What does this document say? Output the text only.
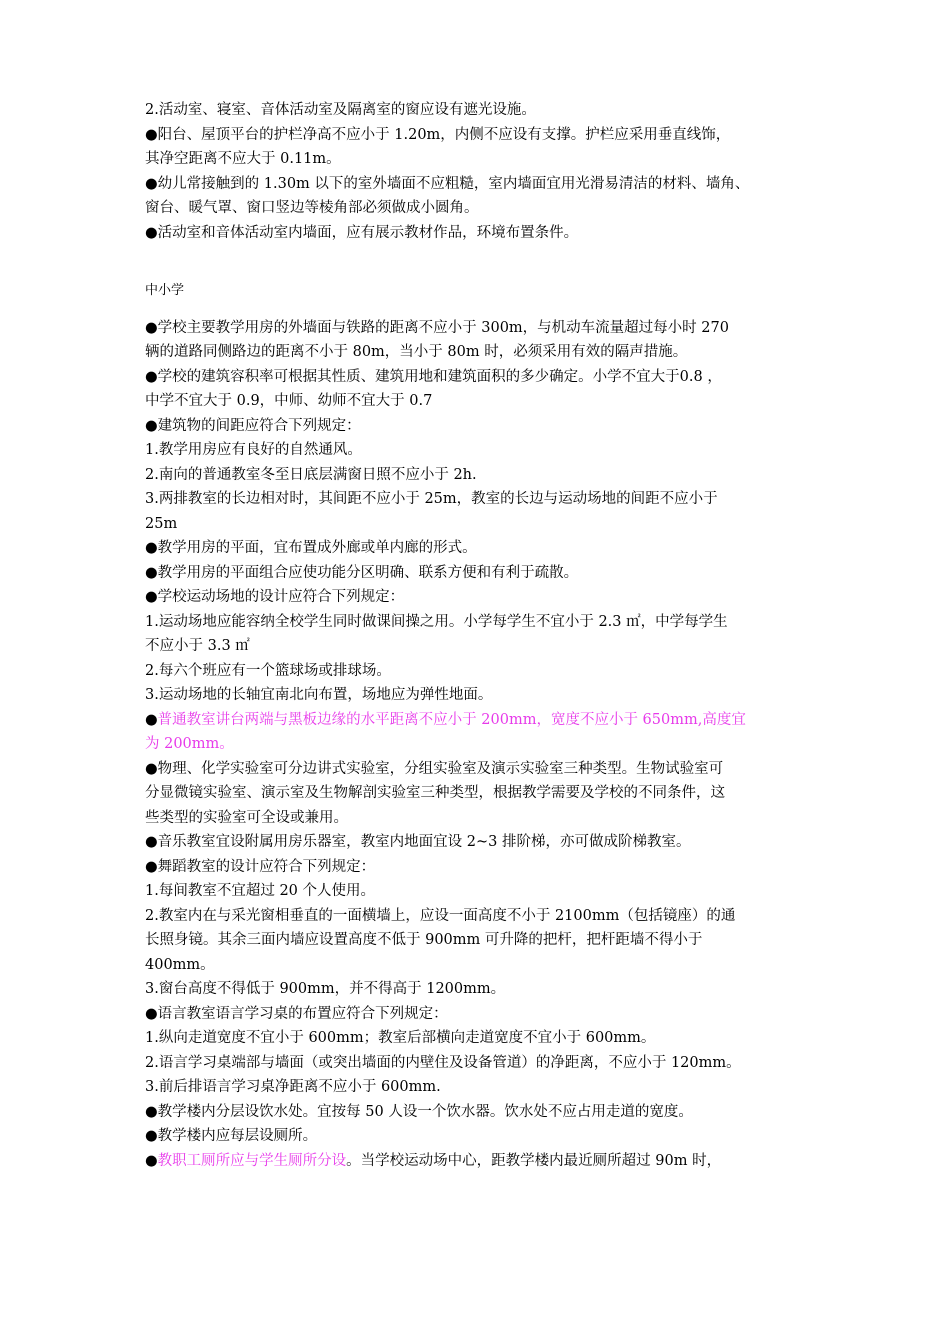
2.活动室、寝室、音体活动室及隔离室的窗应设有遮光设施。
●阳台、屋顶平台的护栏净高不应小于 1.20m，内侧不应设有支撑。护栏应采用垂直线饰，
其净空距离不应大于 0.11m。
●幼儿常接触到的 1.30m 以下的室外墙面不应粗糙，室内墙面宜用光滑易清洁的材料、墙角、
窗台、暖气罩、窗口竖边等棱角部必须做成小圆角。
●活动室和音体活动室内墙面，应有展示教材作品，环境布置条件。
中小学
●学校主要教学用房的外墙面与铁路的距离不应小于 300m，与机动车流量超过每小时 270
辆的道路同侧路边的距离不小于 80m，当小于 80m 时，必须采用有效的隔声措施。
●学校的建筑容积率可根据其性质、建筑用地和建筑面积的多少确定。小学不宜大于0.8 ，
中学不宜大于 0.9，中师、幼师不宜大于 0.7
●建筑物的间距应符合下列规定：
1.教学用房应有良好的自然通风。
2.南向的普通教室冬至日底层满窗日照不应小于 2h.
3.两排教室的长边相对时，其间距不应小于 25m，教室的长边与运动场地的间距不应小于
25m
●教学用房的平面，宜布置成外廊或单内廊的形式。
●教学用房的平面组合应使功能分区明确、联系方便和有利于疏散。
●学校运动场地的设计应符合下列规定：
1.运动场地应能容纳全校学生同时做课间操之用。小学每学生不宜小于 2.3 ㎡，中学每学生
不应小于 3.3 ㎡
2.每六个班应有一个篮球场或排球场。
3.运动场地的长轴宜南北向布置，场地应为弹性地面。
●普通教室讲台两端与黑板边缘的水平距离不应小于 200mm，宽度不应小于 650mm,高度宜
为 200mm。
●物理、化学实验室可分边讲式实验室，分组实验室及演示实验室三种类型。生物试验室可
分显微镜实验室、演示室及生物解剖实验室三种类型，根据教学需要及学校的不同条件，这
些类型的实验室可全设或兼用。
●音乐教室宜设附属用房乐器室，教室内地面宜设 2~3 排阶梯，亦可做成阶梯教室。
●舞蹈教室的设计应符合下列规定：
1.每间教室不宜超过 20 个人使用。
2.教室内在与采光窗相垂直的一面横墙上，应设一面高度不小于 2100mm（包括镜座）的通
长照身镜。其余三面内墙应设置高度不低于 900mm 可升降的把杆，把杆距墙不得小于
400mm。
3.窗台高度不得低于 900mm，并不得高于 1200mm。
●语言教室语言学习桌的布置应符合下列规定：
1.纵向走道宽度不宜小于 600mm；教室后部横向走道宽度不宜小于 600mm。
2.语言学习桌端部与墙面（或突出墙面的内壁住及设备管道）的净距离，不应小于 120mm。
3.前后排语言学习桌净距离不应小于 600mm.
●教学楼内分层设饮水处。宜按每 50 人设一个饮水器。饮水处不应占用走道的宽度。
●教学楼内应每层设厕所。
●教职工厕所应与学生厕所分设。当学校运动场中心，距教学楼内最近厕所超过 90m 时，
